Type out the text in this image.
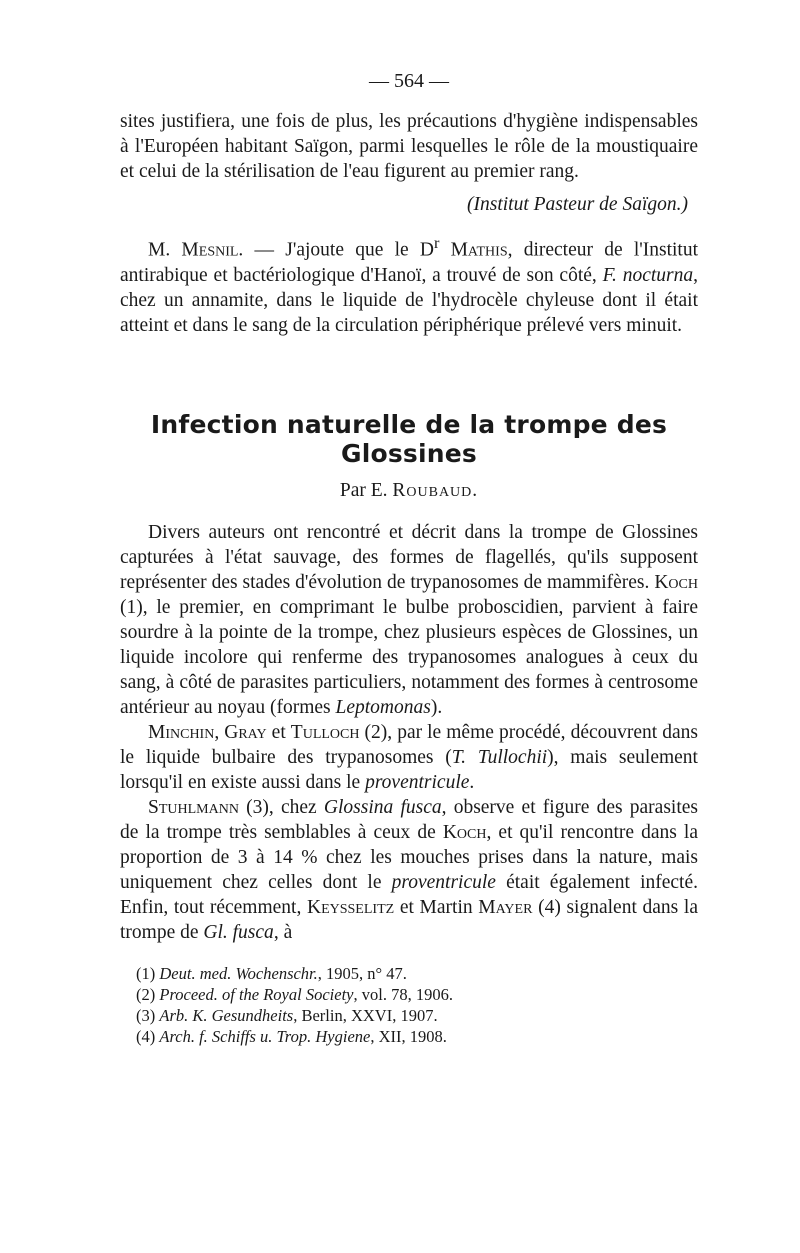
— 564 —

sites justifiera, une fois de plus, les précautions d'hygiène indispensables à l'Européen habitant Saïgon, parmi lesquelles le rôle de la moustiquaire et celui de la stérilisation de l'eau figurent au premier rang.

(Institut Pasteur de Saïgon.)

M. Mesnil. — J'ajoute que le $D^r$ Mathis, directeur de l'Institut antirabique et bactériologique d'Hanoï, a trouvé de son côté, F. nocturna, chez un annamite, dans le liquide de l'hydrocèle chyleuse dont il était atteint et dans le sang de la circulation périphérique prélevé vers minuit.

Infection naturelle de la trompe des Glossines
Par E. Roubaud.

Divers auteurs ont rencontré et décrit dans la trompe de Glossines capturées à l'état sauvage, des formes de flagellés, qu'ils supposent représenter des stades d'évolution de trypanosomes de mammifères. Koch (1), le premier, en comprimant le bulbe proboscidien, parvient à faire sourdre à la pointe de la trompe, chez plusieurs espèces de Glossines, un liquide incolore qui renferme des trypanosomes analogues à ceux du sang, à côté de parasites particuliers, notamment des formes à centrosome antérieur au noyau (formes Leptomonas).

Minchin, Gray et Tulloch (2), par le même procédé, découvrent dans le liquide bulbaire des trypanosomes (T. Tullochii), mais seulement lorsqu'il en existe aussi dans le proventricule.

Stuhlmann (3), chez Glossina fusca, observe et figure des parasites de la trompe très semblables à ceux de Koch, et qu'il rencontre dans la proportion de 3 à 14 % chez les mouches prises dans la nature, mais uniquement chez celles dont le proventricule était également infecté. Enfin, tout récemment, Keysselitz et Martin Mayer (4) signalent dans la trompe de Gl. fusca, à

(1) Deut. med. Wochenschr., 1905, n° 47.
(2) Proceed. of the Royal Society, vol. 78, 1906.
(3) Arb. K. Gesundheits, Berlin, XXVI, 1907.
(4) Arch. f. Schiffs u. Trop. Hygiene, XII, 1908.
